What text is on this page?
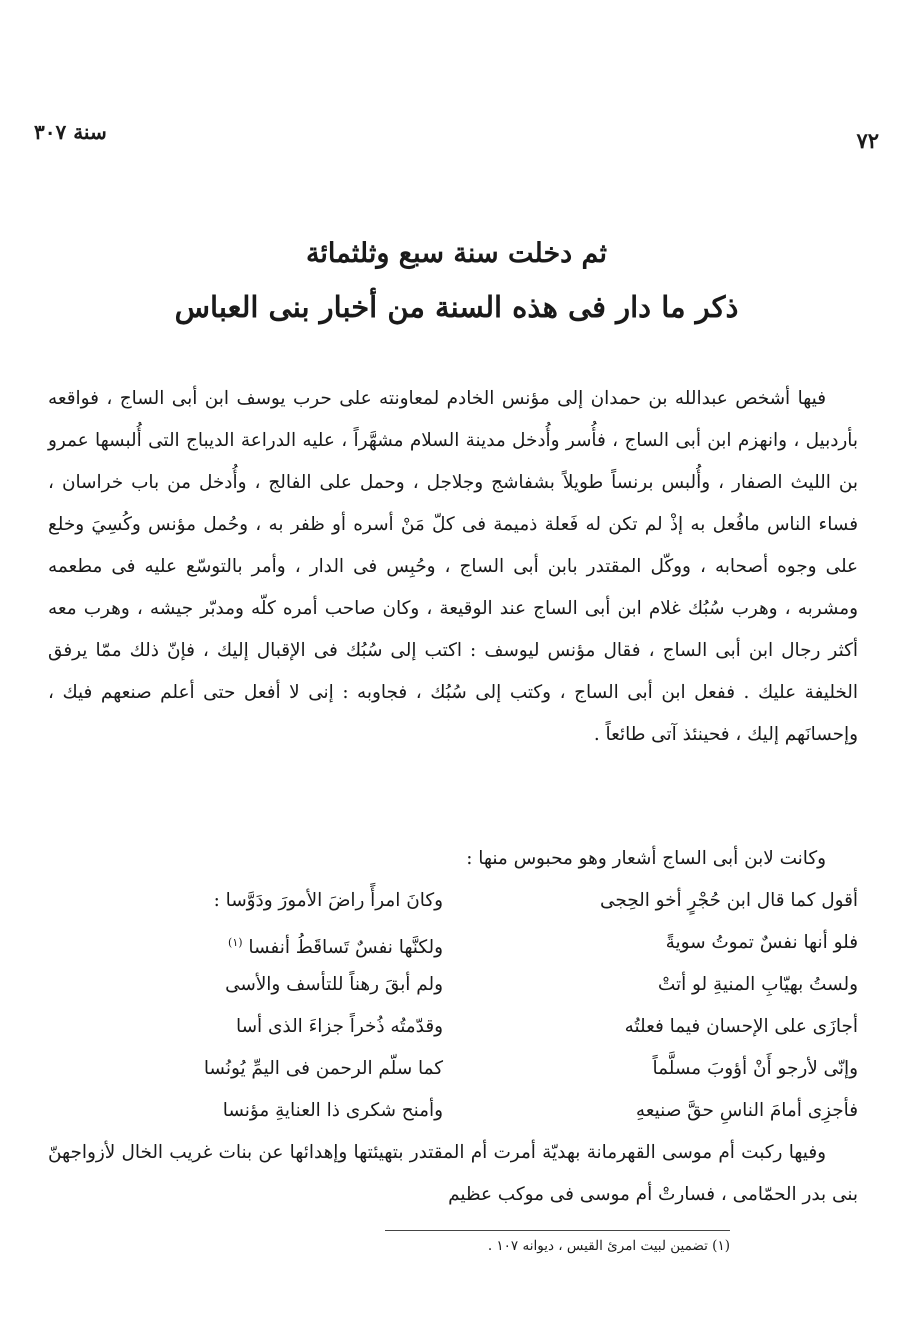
٧٢
سنة ٣٠٧
ثم دخلت سنة سبع وثلثمائة
ذكر ما دار فى هذه السنة من أخبار بنى العباس

فيها أشخص عبدالله بن حمدان إلى مؤنس الخادم لمعاونته على حرب يوسف ابن أبى الساج ، فواقعه بأردبيل ، وانهزم ابن أبى الساج ، فأُسر وأُدخل مدينة السلام مشهَّراً ، عليه الدراعة الديباج التى أُلبسها عمرو بن الليث الصفار ، وأُلبس برنساً طويلاً بشفاشج وجلاجل ، وحمل على الفالج ، وأُدخل من باب خراسان ، فساء الناس مافُعل به إذْ لم تكن له فَعلة ذميمة فى كلّ مَنْ أسره أو ظفر به ، وحُمل مؤنس وكُسِيَ وخلع على وجوه أصحابه ، ووكّل المقتدر بابن أبى الساج ، وحُبِس فى الدار ، وأمر بالتوسّع عليه فى مطعمه ومشربه ، وهرب سُبُك غلام ابن أبى الساج عند الوقيعة ، وكان صاحب أمره كلّه ومدبّر جيشه ، وهرب معه أكثر رجال ابن أبى الساج ، فقال مؤنس ليوسف : اكتب إلى سُبُك فى الإقبال إليك ، فإنّ ذلك ممّا يرفق الخليفة عليك . ففعل ابن أبى الساج ، وكتب إلى سُبُك ، فجاوبه : إنى لا أفعل حتى أعلم صنعهم فيك ، وإحسانَهم إليك ، فحينئذ آتى طائعاً .

وكانت لابن أبى الساج أشعار وهو محبوس منها :
أقول كما قال ابن حُجْرٍ أخو الحِجى
وكانَ امرأً راضَ الأمورَ ودَوَّسا :
فلو أنها نفسٌ تموتُ سويةً
ولكنَّها نفسٌ تَساقَطُ أنفسا $^{(١)}$
ولستُ بهيّابِ المنيةِ لو أتتْ
ولم أبقَ رهناً للتأسف والأسى
أجازَى على الإحسان فيما فعلتُه
وقدّمتُه ذُخراً جزاءَ الذى أسا
وإنّى لأرجو أَنْ أؤوبَ مسلَّماً
كما سلّم الرحمن فى اليمِّ يُونُسا
فأجزِى أمامَ الناسِ حقَّ صنيعهِ
وأمنح شكرى ذا العنايةِ مؤنسا

وفيها ركبت أم موسى القهرمانة بهديّة أمرت أم المقتدر بتهيئتها وإهدائها عن بنات غريب الخال لأزواجهنّ بنى بدر الحمّامى ، فسارتْ أم موسى فى موكب عظيم

(١) تضمين لبيت امرئ القيس ، ديوانه ١٠٧ .
